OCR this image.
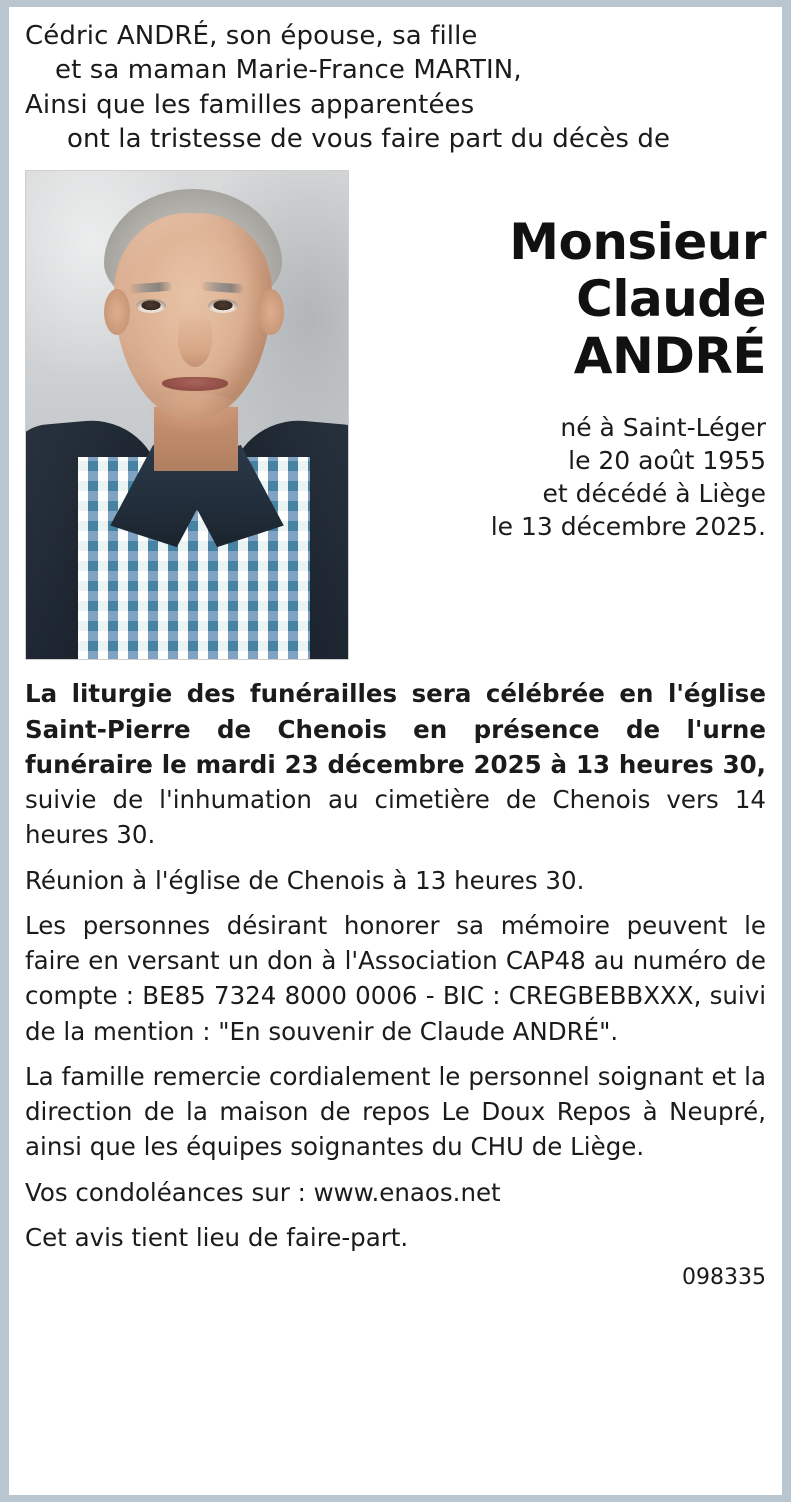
Cédric ANDRÉ, son épouse, sa fille
et sa maman Marie-France MARTIN,
Ainsi que les familles apparentées
ont la tristesse de vous faire part du décès de
Monsieur
Claude
ANDRÉ
né à Saint-Léger
le 20 août 1955
et décédé à Liège
le 13 décembre 2025.

La liturgie des funérailles sera célébrée en l'église Saint-Pierre de Chenois en présence de l'urne funéraire le mardi 23 décembre 2025 à 13 heures 30, suivie de l'inhumation au cimetière de Chenois vers 14 heures 30.

Réunion à l'église de Chenois à 13 heures 30.

Les personnes désirant honorer sa mémoire peuvent le faire en versant un don à l'Association CAP48 au numéro de compte : BE85 7324 8000 0006 - BIC : CREGBEBBXXX, suivi de la mention : "En souvenir de Claude ANDRÉ".

La famille remercie cordialement le personnel soignant et la direction de la maison de repos Le Doux Repos à Neupré, ainsi que les équipes soignantes du CHU de Liège.

Vos condoléances sur : www.enaos.net

Cet avis tient lieu de faire-part.

098335
